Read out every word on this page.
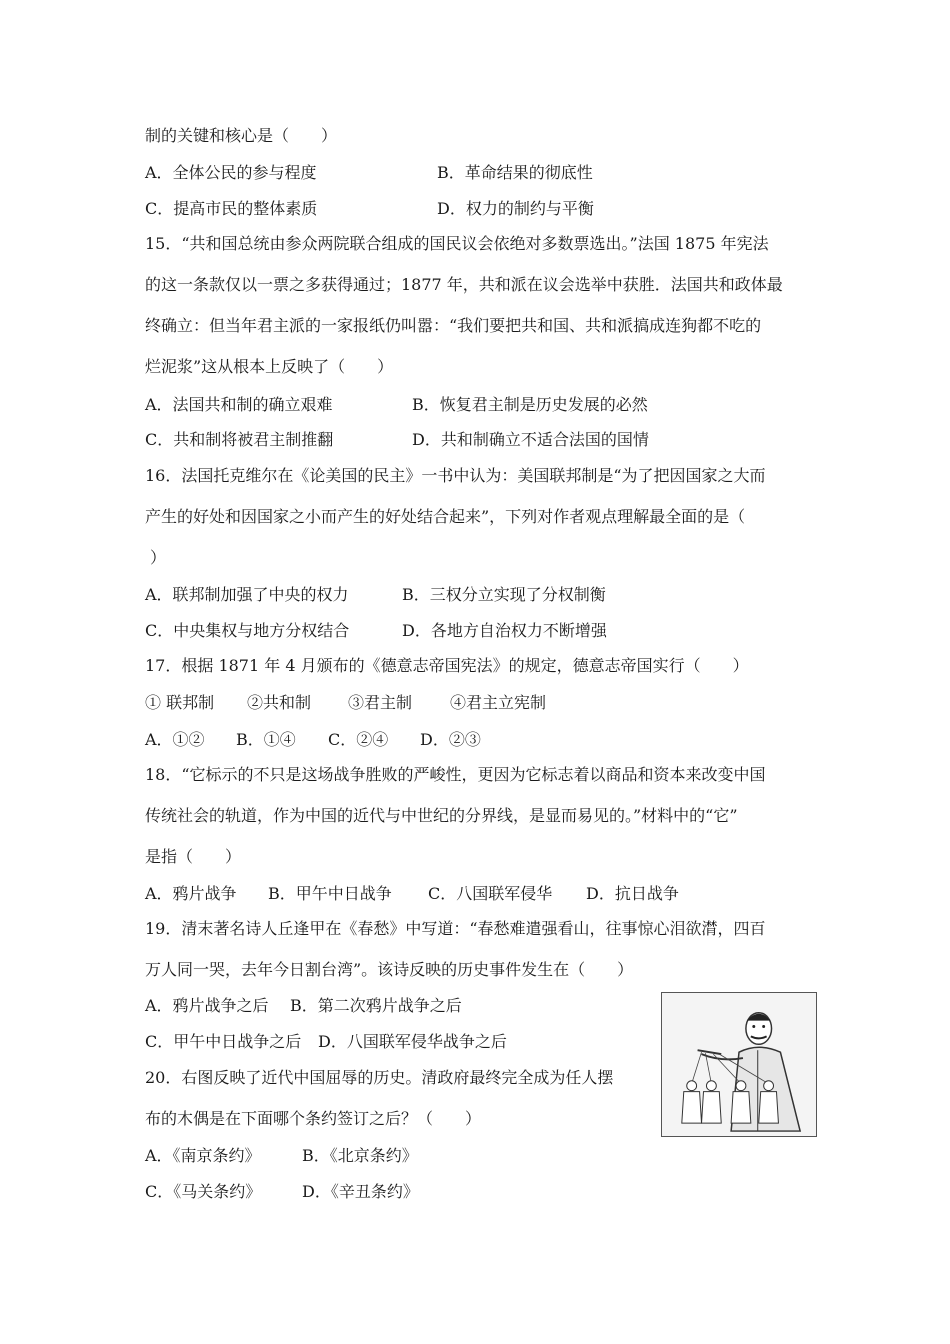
制的关键和核心是（　　）
A．全体公民的参与程度	B．革命结果的彻底性
C．提高市民的整体素质	D．权力的制约与平衡
15．“共和国总统由参众两院联合组成的国民议会依绝对多数票选出。”法国 1875 年宪法
的这一条款仅以一票之多获得通过；1877 年，共和派在议会选举中获胜．法国共和政体最
终确立：但当年君主派的一家报纸仍叫嚣：“我们要把共和国、共和派搞成连狗都不吃的
烂泥浆”这从根本上反映了（　　）
A．法国共和制的确立艰难	B．恢复君主制是历史发展的必然
C．共和制将被君主制推翻	D．共和制确立不适合法国的国情
16．法国托克维尔在《论美国的民主》一书中认为：美国联邦制是“为了把因国家之大而
产生的好处和因国家之小而产生的好处结合起来”，下列对作者观点理解最全面的是（
）
A．联邦制加强了中央的权力	B．三权分立实现了分权制衡
C．中央集权与地方分权结合	D．各地方自治权力不断增强
17．根据 1871 年 4 月颁布的《德意志帝国宪法》的规定，德意志帝国实行（　　）
① 联邦制 ②共和制 ③君主制 ④君主立宪制
A．①② B．①④ C．②④ D．②③
18．“它标示的不只是这场战争胜败的严峻性，更因为它标志着以商品和资本来改变中国
传统社会的轨道，作为中国的近代与中世纪的分界线，是显而易见的。”材料中的“它”
是指（　　）
A．鸦片战争 B．甲午中日战争 C．八国联军侵华 D．抗日战争
19．清末著名诗人丘逢甲在《春愁》中写道：“春愁难遣强看山，往事惊心泪欲潸，四百
万人同一哭，去年今日割台湾”。该诗反映的历史事件发生在（　　）
A．鸦片战争之后 B．第二次鸦片战争之后
C．甲午中日战争之后 D．八国联军侵华战争之后
20．右图反映了近代中国屈辱的历史。清政府最终完全成为任人摆
布的木偶是在下面哪个条约签订之后？（　　）
A．《南京条约》	B．《北京条约》
C．《马关条约》	D．《辛丑条约》
